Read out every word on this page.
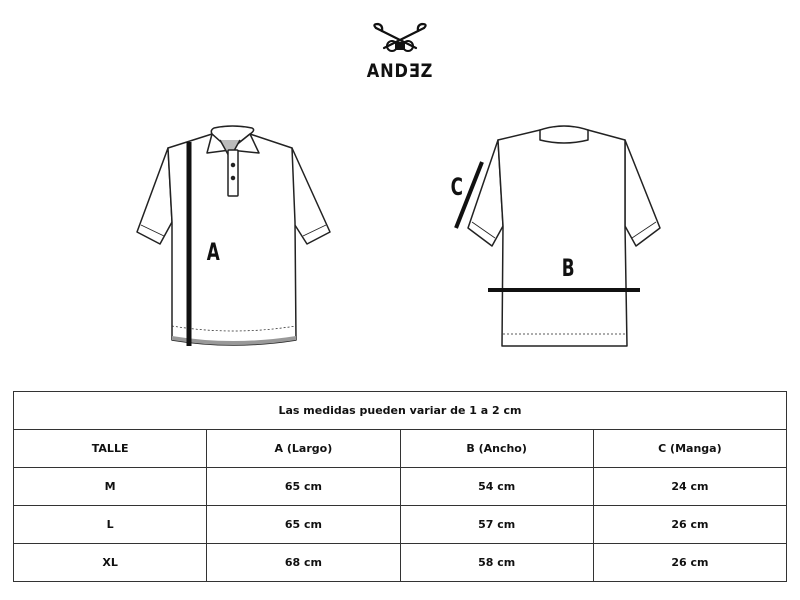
ANDƎZ
A
C
B
Las medidas pueden variar de 1 a 2 cm			
TALLE	A (Largo)	B (Ancho)	C (Manga)
M	65 cm	54 cm	24 cm
L	65 cm	57 cm	26 cm
XL	68 cm	58 cm	26 cm
